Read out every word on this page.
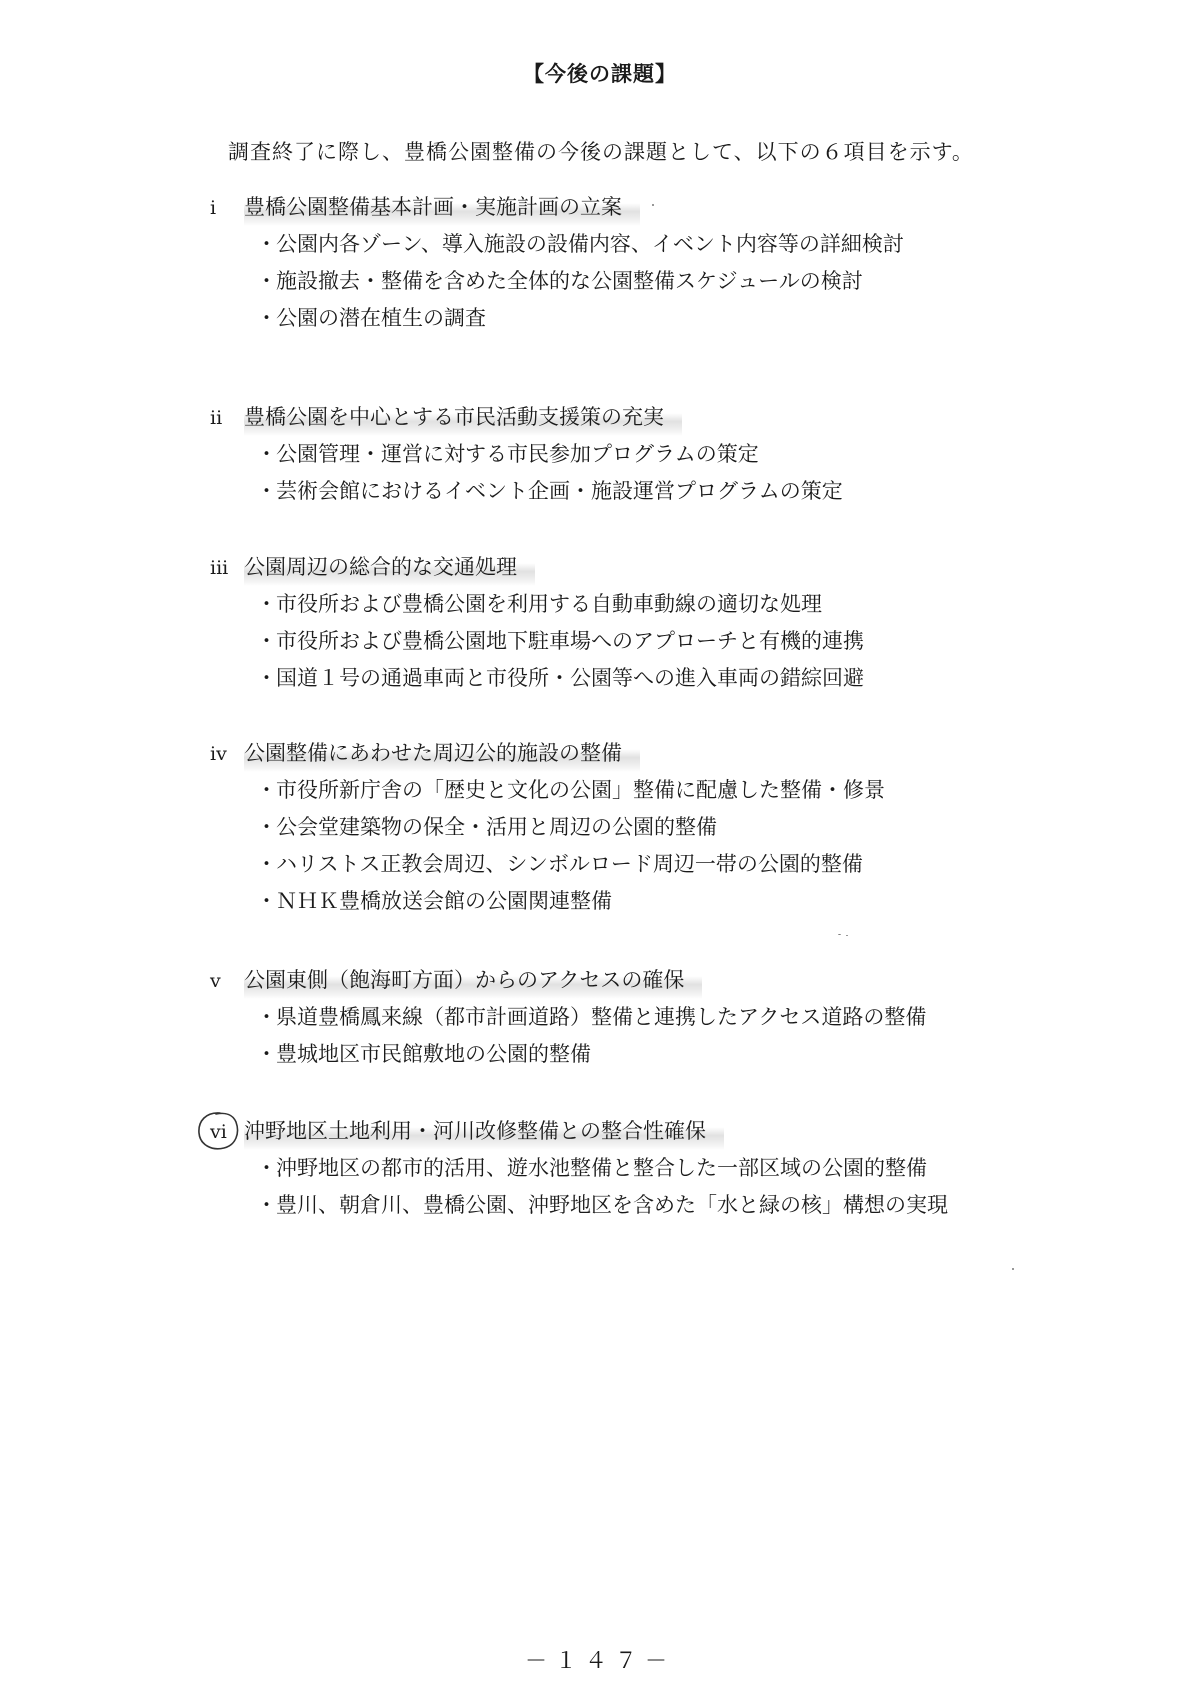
【今後の課題】
調査終了に際し、豊橋公園整備の今後の課題として、以下の６項目を示す。
i 豊橋公園整備基本計画・実施計画の立案
・公園内各ゾーン、導入施設の設備内容、イベント内容等の詳細検討
・施設撤去・整備を含めた全体的な公園整備スケジュールの検討
・公園の潜在植生の調査
ii 豊橋公園を中心とする市民活動支援策の充実
・公園管理・運営に対する市民参加プログラムの策定
・芸術会館におけるイベント企画・施設運営プログラムの策定
iii 公園周辺の総合的な交通処理
・市役所および豊橋公園を利用する自動車動線の適切な処理
・市役所および豊橋公園地下駐車場へのアプローチと有機的連携
・国道１号の通過車両と市役所・公園等への進入車両の錯綜回避
iv 公園整備にあわせた周辺公的施設の整備
・市役所新庁舎の「歴史と文化の公園」整備に配慮した整備・修景
・公会堂建築物の保全・活用と周辺の公園的整備
・ハリストス正教会周辺、シンボルロード周辺一帯の公園的整備
・ＮＨＫ豊橋放送会館の公園関連整備
v 公園東側（飽海町方面）からのアクセスの確保
・県道豊橋鳳来線（都市計画道路）整備と連携したアクセス道路の整備
・豊城地区市民館敷地の公園的整備
vi 沖野地区土地利用・河川改修整備との整合性確保
・沖野地区の都市的活用、遊水池整備と整合した一部区域の公園的整備
・豊川、朝倉川、豊橋公園、沖野地区を含めた「水と緑の核」構想の実現
－１４７－
